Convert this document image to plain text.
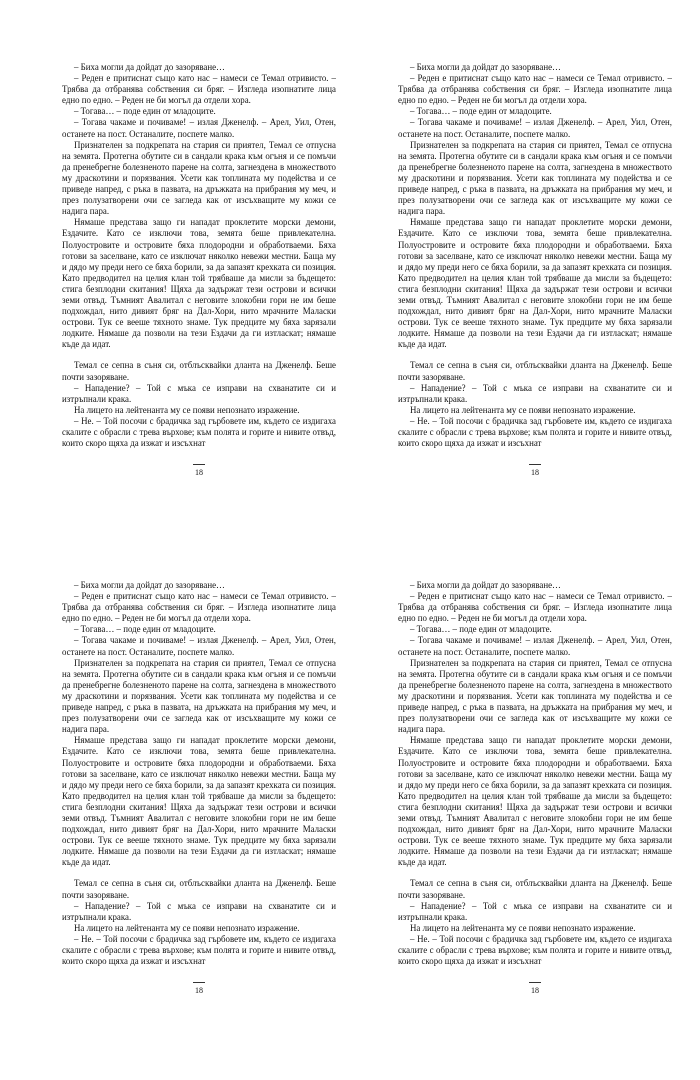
– Биха могли да дойдат до зазоряване…

– Реден е притиснат също като нас – намеси се Темал отривисто. – Трябва да отбранява собствения си бряг. – Изгледа изопнатите лица едно по едно. – Реден не би могъл да отдели хора.

– Тогава… – поде един от младоците.

– Тогава чакаме и почиваме! – излая Дженелф. – Арел, Уил, Отен, останете на пост. Останалите, поспете малко.

Признателен за подкрепата на стария си приятел, Темал се отпусна на земята. Протегна обутите си в сандали крака към огъня и се помъчи да пренебрегне болезненото парене на солта, загнездена в множеството му драскотини и порязвания. Усети как топлината му подейства и се приведе напред, с ръка в пазвата, на дръжката на прибрания му меч, и през полузатворени очи се загледа как от изсъхващите му кожи се надига пара.

Нямаше представа защо ги нападат проклетите морски демони, Ездачите. Като се изключи това, земята беше привлекателна. Полуостровите и островите бяха плодородни и обработваеми. Бяха готови за заселване, като се изключат няколко невежи местни. Баща му и дядо му преди него се бяха борили, за да запазят крехката си позиция. Като предводител на целия клан той трябваше да мисли за бъдещето: стига безплодни скитания! Щяха да задържат тези острови и всички земи отвъд. Тъмният Авалитал с неговите злокобни гори не им беше подхождал, нито дивият бряг на Дал-Хори, нито мрачните Маласки острови. Тук се вееше тяхното знаме. Тук предците му бяха зарязали лодките. Нямаше да позволи на тези Ездачи да ги изтласкат; нямаше къде да идат.

Темал се сепна в съня си, отблъсквайки дланта на Дженелф. Беше почти зазоряване.

– Нападение? – Той с мъка се изправи на схванатите си и изтръпнали крака.

На лицето на лейтенанта му се появи непознато изражение.

– Не. – Той посочи с брадичка зад гърбовете им, където се издигаха скалите с обрасли с трева върхове; към полята и горите и нивите отвъд, които скоро щяха да изжат и изсъхнат

18

– Биха могли да дойдат до зазоряване…

– Реден е притиснат също като нас – намеси се Темал отривисто. – Трябва да отбранява собствения си бряг. – Изгледа изопнатите лица едно по едно. – Реден не би могъл да отдели хора.

– Тогава… – поде един от младоците.

– Тогава чакаме и почиваме! – излая Дженелф. – Арел, Уил, Отен, останете на пост. Останалите, поспете малко.

Признателен за подкрепата на стария си приятел, Темал се отпусна на земята. Протегна обутите си в сандали крака към огъня и се помъчи да пренебрегне болезненото парене на солта, загнездена в множеството му драскотини и порязвания. Усети как топлината му подейства и се приведе напред, с ръка в пазвата, на дръжката на прибрания му меч, и през полузатворени очи се загледа как от изсъхващите му кожи се надига пара.

Нямаше представа защо ги нападат проклетите морски демони, Ездачите. Като се изключи това, земята беше привлекателна. Полуостровите и островите бяха плодородни и обработваеми. Бяха готови за заселване, като се изключат няколко невежи местни. Баща му и дядо му преди него се бяха борили, за да запазят крехката си позиция. Като предводител на целия клан той трябваше да мисли за бъдещето: стига безплодни скитания! Щяха да задържат тези острови и всички земи отвъд. Тъмният Авалитал с неговите злокобни гори не им беше подхождал, нито дивият бряг на Дал-Хори, нито мрачните Маласки острови. Тук се вееше тяхното знаме. Тук предците му бяха зарязали лодките. Нямаше да позволи на тези Ездачи да ги изтласкат; нямаше къде да идат.

Темал се сепна в съня си, отблъсквайки дланта на Дженелф. Беше почти зазоряване.

– Нападение? – Той с мъка се изправи на схванатите си и изтръпнали крака.

На лицето на лейтенанта му се появи непознато изражение.

– Не. – Той посочи с брадичка зад гърбовете им, където се издигаха скалите с обрасли с трева върхове; към полята и горите и нивите отвъд, които скоро щяха да изжат и изсъхнат

18

– Биха могли да дойдат до зазоряване…

– Реден е притиснат също като нас – намеси се Темал отривисто. – Трябва да отбранява собствения си бряг. – Изгледа изопнатите лица едно по едно. – Реден не би могъл да отдели хора.

– Тогава… – поде един от младоците.

– Тогава чакаме и почиваме! – излая Дженелф. – Арел, Уил, Отен, останете на пост. Останалите, поспете малко.

Признателен за подкрепата на стария си приятел, Темал се отпусна на земята. Протегна обутите си в сандали крака към огъня и се помъчи да пренебрегне болезненото парене на солта, загнездена в множеството му драскотини и порязвания. Усети как топлината му подейства и се приведе напред, с ръка в пазвата, на дръжката на прибрания му меч, и през полузатворени очи се загледа как от изсъхващите му кожи се надига пара.

Нямаше представа защо ги нападат проклетите морски демони, Ездачите. Като се изключи това, земята беше привлекателна. Полуостровите и островите бяха плодородни и обработваеми. Бяха готови за заселване, като се изключат няколко невежи местни. Баща му и дядо му преди него се бяха борили, за да запазят крехката си позиция. Като предводител на целия клан той трябваше да мисли за бъдещето: стига безплодни скитания! Щяха да задържат тези острови и всички земи отвъд. Тъмният Авалитал с неговите злокобни гори не им беше подхождал, нито дивият бряг на Дал-Хори, нито мрачните Маласки острови. Тук се вееше тяхното знаме. Тук предците му бяха зарязали лодките. Нямаше да позволи на тези Ездачи да ги изтласкат; нямаше къде да идат.

Темал се сепна в съня си, отблъсквайки дланта на Дженелф. Беше почти зазоряване.

– Нападение? – Той с мъка се изправи на схванатите си и изтръпнали крака.

На лицето на лейтенанта му се появи непознато изражение.

– Не. – Той посочи с брадичка зад гърбовете им, където се издигаха скалите с обрасли с трева върхове; към полята и горите и нивите отвъд, които скоро щяха да изжат и изсъхнат

18

– Биха могли да дойдат до зазоряване…

– Реден е притиснат също като нас – намеси се Темал отривисто. – Трябва да отбранява собствения си бряг. – Изгледа изопнатите лица едно по едно. – Реден не би могъл да отдели хора.

– Тогава… – поде един от младоците.

– Тогава чакаме и почиваме! – излая Дженелф. – Арел, Уил, Отен, останете на пост. Останалите, поспете малко.

Признателен за подкрепата на стария си приятел, Темал се отпусна на земята. Протегна обутите си в сандали крака към огъня и се помъчи да пренебрегне болезненото парене на солта, загнездена в множеството му драскотини и порязвания. Усети как топлината му подейства и се приведе напред, с ръка в пазвата, на дръжката на прибрания му меч, и през полузатворени очи се загледа как от изсъхващите му кожи се надига пара.

Нямаше представа защо ги нападат проклетите морски демони, Ездачите. Като се изключи това, земята беше привлекателна. Полуостровите и островите бяха плодородни и обработваеми. Бяха готови за заселване, като се изключат няколко невежи местни. Баща му и дядо му преди него се бяха борили, за да запазят крехката си позиция. Като предводител на целия клан той трябваше да мисли за бъдещето: стига безплодни скитания! Щяха да задържат тези острови и всички земи отвъд. Тъмният Авалитал с неговите злокобни гори не им беше подхождал, нито дивият бряг на Дал-Хори, нито мрачните Маласки острови. Тук се вееше тяхното знаме. Тук предците му бяха зарязали лодките. Нямаше да позволи на тези Ездачи да ги изтласкат; нямаше къде да идат.

Темал се сепна в съня си, отблъсквайки дланта на Дженелф. Беше почти зазоряване.

– Нападение? – Той с мъка се изправи на схванатите си и изтръпнали крака.

На лицето на лейтенанта му се появи непознато изражение.

– Не. – Той посочи с брадичка зад гърбовете им, където се издигаха скалите с обрасли с трева върхове; към полята и горите и нивите отвъд, които скоро щяха да изжат и изсъхнат

18
